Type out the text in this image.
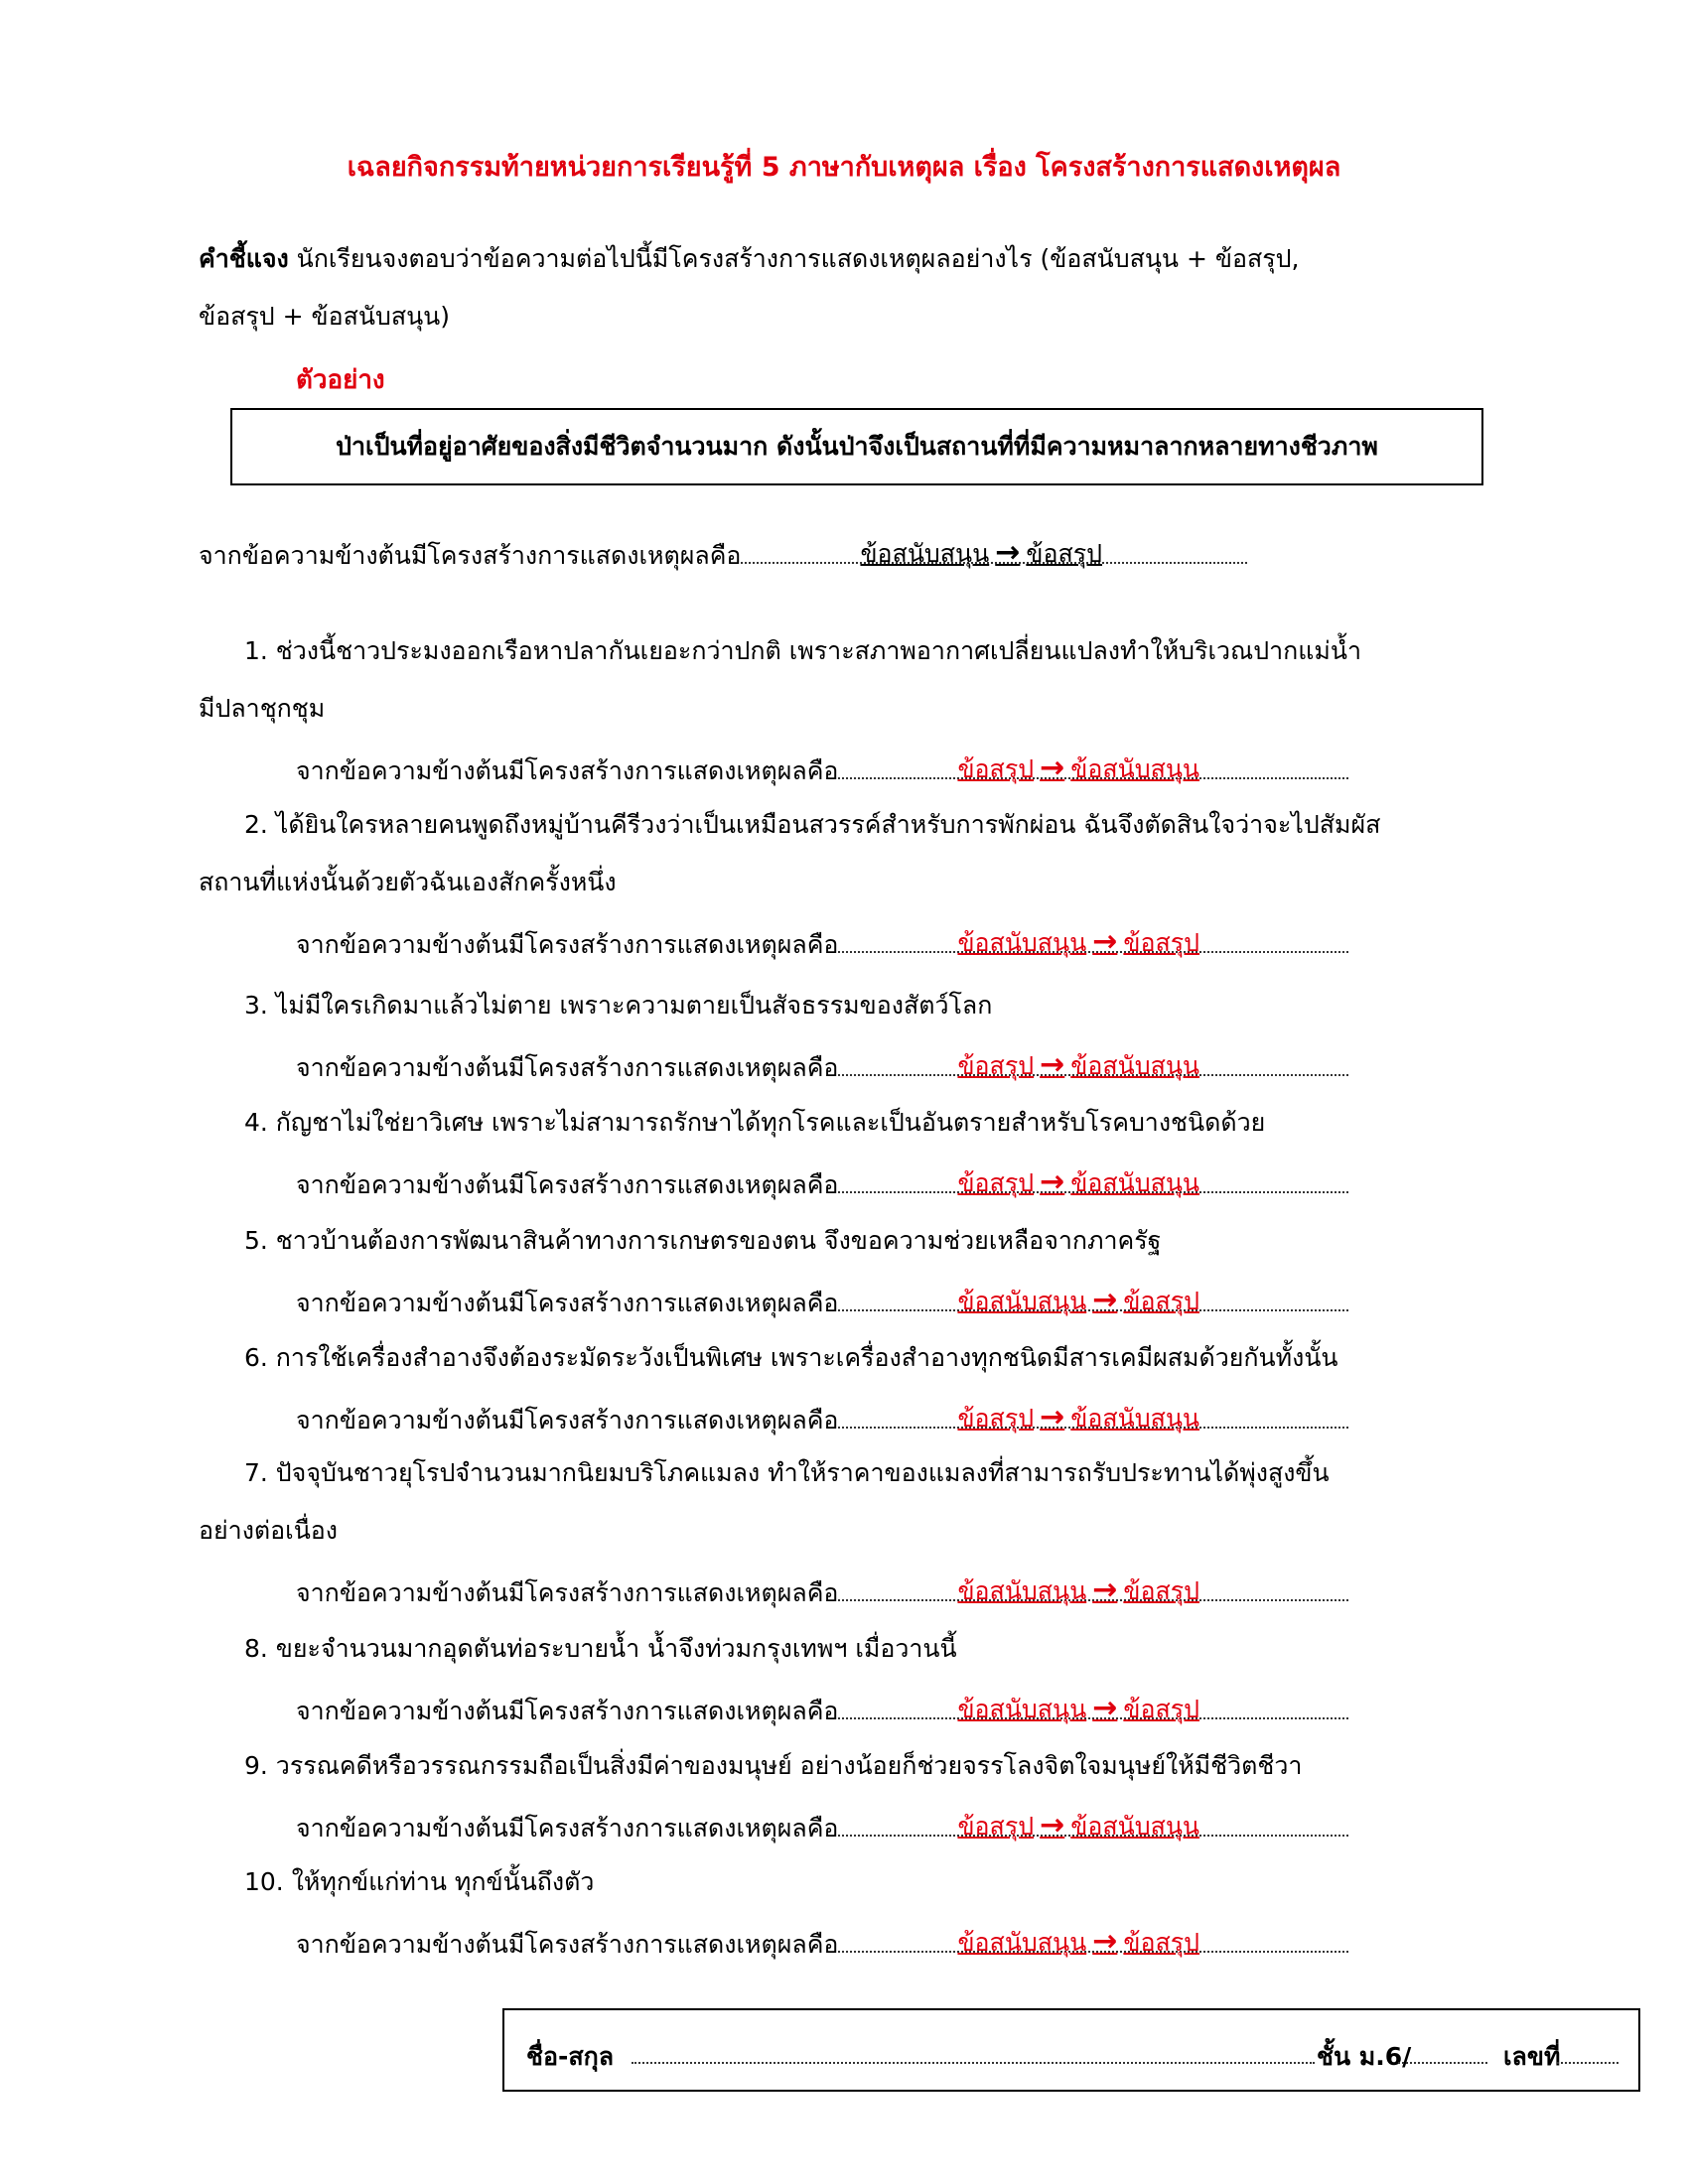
เฉลยกิจกรรมท้ายหน่วยการเรียนรู้ที่ 5 ภาษากับเหตุผล เรื่อง โครงสร้างการแสดงเหตุผล
คำชี้แจง นักเรียนจงตอบว่าข้อความต่อไปนี้มีโครงสร้างการแสดงเหตุผลอย่างไร (ข้อสนับสนุน + ข้อสรุป,
ข้อสรุป + ข้อสนับสนุน)
ตัวอย่าง
ป่าเป็นที่อยู่อาศัยของสิ่งมีชีวิตจำนวนมาก ดังนั้นป่าจึงเป็นสถานที่ที่มีความหมาลากหลายทางชีวภาพ
จากข้อความข้างต้นมีโครงสร้างการแสดงเหตุผลคือ	ข้อสนับสนุน → ข้อสรุป
1. ช่วงนี้ชาวประมงออกเรือหาปลากันเยอะกว่าปกติ เพราะสภาพอากาศเปลี่ยนแปลงทำให้บริเวณปากแม่น้ำ
มีปลาชุกชุม
จากข้อความข้างต้นมีโครงสร้างการแสดงเหตุผลคือ	ข้อสรุป → ข้อสนับสนุน
2. ได้ยินใครหลายคนพูดถึงหมู่บ้านคีรีวงว่าเป็นเหมือนสวรรค์สำหรับการพักผ่อน ฉันจึงตัดสินใจว่าจะไปสัมผัส
สถานที่แห่งนั้นด้วยตัวฉันเองสักครั้งหนึ่ง
จากข้อความข้างต้นมีโครงสร้างการแสดงเหตุผลคือ	ข้อสนับสนุน → ข้อสรุป
3. ไม่มีใครเกิดมาแล้วไม่ตาย เพราะความตายเป็นสัจธรรมของสัตว์โลก
จากข้อความข้างต้นมีโครงสร้างการแสดงเหตุผลคือ	ข้อสรุป → ข้อสนับสนุน
4. กัญชาไม่ใช่ยาวิเศษ เพราะไม่สามารถรักษาได้ทุกโรคและเป็นอันตรายสำหรับโรคบางชนิดด้วย
จากข้อความข้างต้นมีโครงสร้างการแสดงเหตุผลคือ	ข้อสรุป → ข้อสนับสนุน
5. ชาวบ้านต้องการพัฒนาสินค้าทางการเกษตรของตน จึงขอความช่วยเหลือจากภาครัฐ
จากข้อความข้างต้นมีโครงสร้างการแสดงเหตุผลคือ	ข้อสนับสนุน → ข้อสรุป
6. การใช้เครื่องสำอางจึงต้องระมัดระวังเป็นพิเศษ เพราะเครื่องสำอางทุกชนิดมีสารเคมีผสมด้วยกันทั้งนั้น
จากข้อความข้างต้นมีโครงสร้างการแสดงเหตุผลคือ	ข้อสรุป → ข้อสนับสนุน
7. ปัจจุบันชาวยุโรปจำนวนมากนิยมบริโภคแมลง ทำให้ราคาของแมลงที่สามารถรับประทานได้พุ่งสูงขึ้น
อย่างต่อเนื่อง
จากข้อความข้างต้นมีโครงสร้างการแสดงเหตุผลคือ	ข้อสนับสนุน → ข้อสรุป
8. ขยะจำนวนมากอุดตันท่อระบายน้ำ น้ำจึงท่วมกรุงเทพฯ เมื่อวานนี้
จากข้อความข้างต้นมีโครงสร้างการแสดงเหตุผลคือ	ข้อสนับสนุน → ข้อสรุป
9. วรรณคดีหรือวรรณกรรมถือเป็นสิ่งมีค่าของมนุษย์ อย่างน้อยก็ช่วยจรรโลงจิตใจมนุษย์ให้มีชีวิตชีวา
จากข้อความข้างต้นมีโครงสร้างการแสดงเหตุผลคือ	ข้อสรุป → ข้อสนับสนุน
10. ให้ทุกข์แก่ท่าน ทุกข์นั้นถึงตัว
จากข้อความข้างต้นมีโครงสร้างการแสดงเหตุผลคือ	ข้อสนับสนุน → ข้อสรุป
ชื่อ-สกุล	ชั้น ม.6/	เลขที่
